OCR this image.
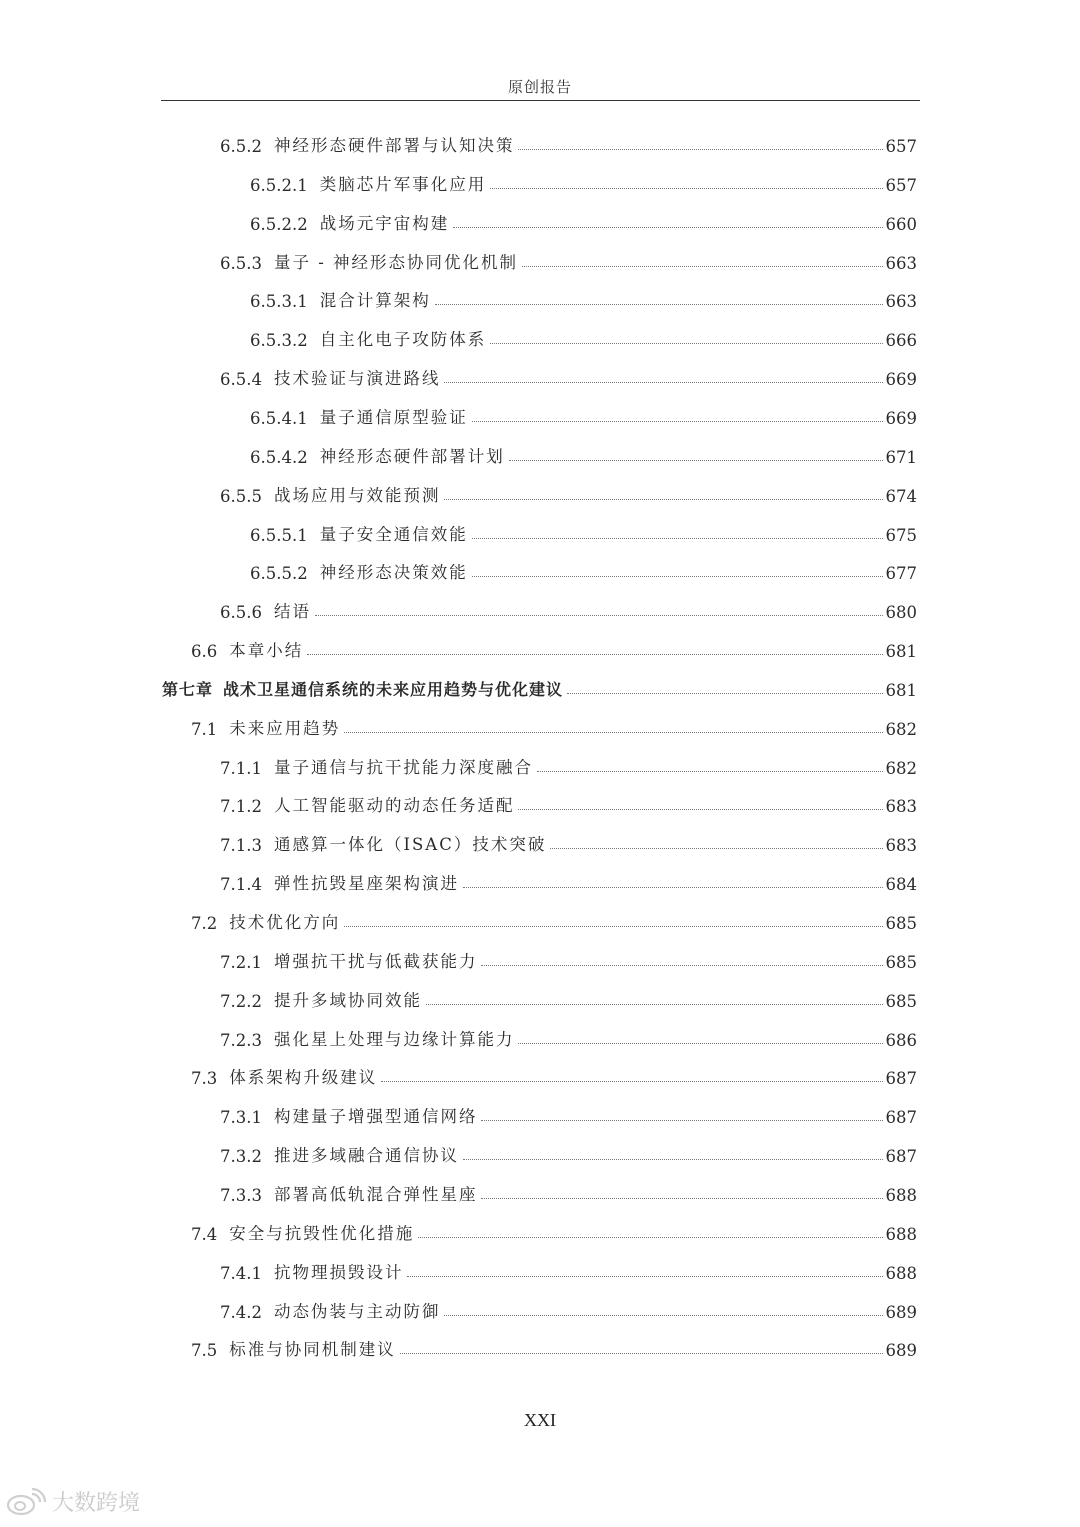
原创报告
6.5.2 神经形态硬件部署与认知决策	657
6.5.2.1 类脑芯片军事化应用	657
6.5.2.2 战场元宇宙构建	660
6.5.3 量子 - 神经形态协同优化机制	663
6.5.3.1 混合计算架构	663
6.5.3.2 自主化电子攻防体系	666
6.5.4 技术验证与演进路线	669
6.5.4.1 量子通信原型验证	669
6.5.4.2 神经形态硬件部署计划	671
6.5.5 战场应用与效能预测	674
6.5.5.1 量子安全通信效能	675
6.5.5.2 神经形态决策效能	677
6.5.6 结语	680
6.6 本章小结	681
第七章 战术卫星通信系统的未来应用趋势与优化建议	681
7.1 未来应用趋势	682
7.1.1 量子通信与抗干扰能力深度融合	682
7.1.2 人工智能驱动的动态任务适配	683
7.1.3 通感算一体化（ISAC）技术突破	683
7.1.4 弹性抗毁星座架构演进	684
7.2 技术优化方向	685
7.2.1 增强抗干扰与低截获能力	685
7.2.2 提升多域协同效能	685
7.2.3 强化星上处理与边缘计算能力	686
7.3 体系架构升级建议	687
7.3.1 构建量子增强型通信网络	687
7.3.2 推进多域融合通信协议	687
7.3.3 部署高低轨混合弹性星座	688
7.4 安全与抗毁性优化措施	688
7.4.1 抗物理损毁设计	688
7.4.2 动态伪装与主动防御	689
7.5 标准与协同机制建议	689
XXI
大数跨境
